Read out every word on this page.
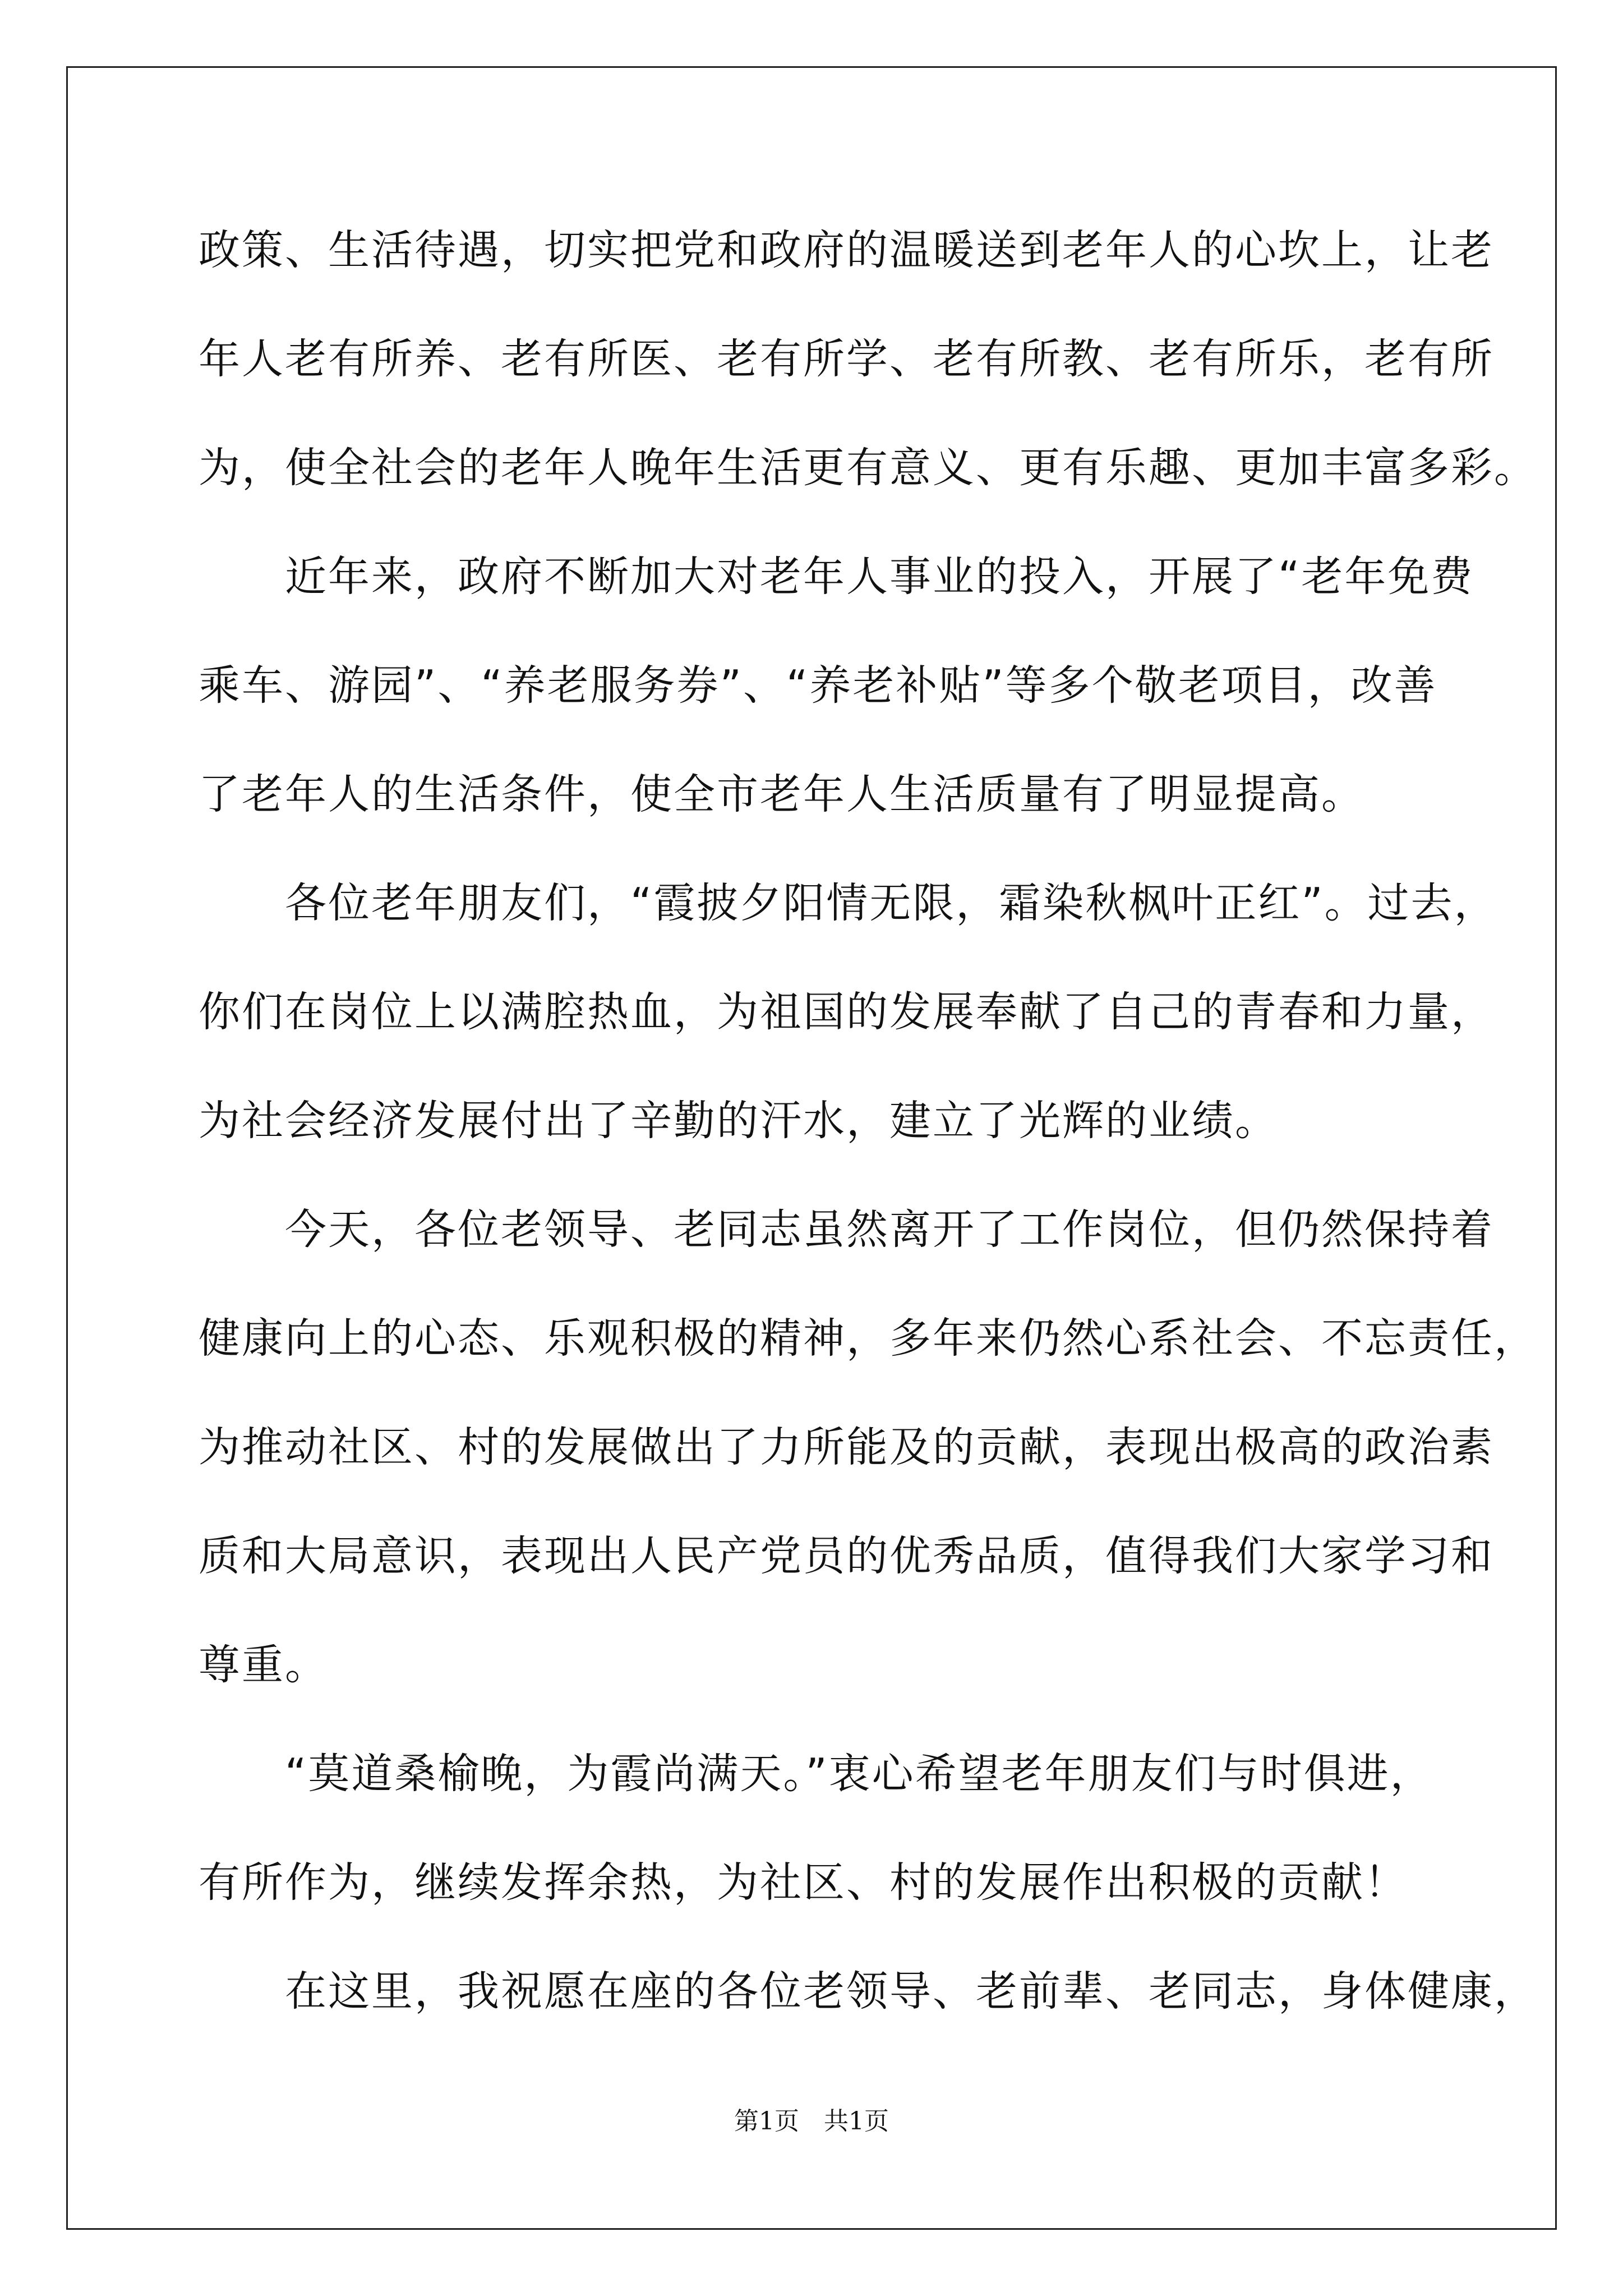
政策、生活待遇，切实把党和政府的温暖送到老年人的心坎上，让老
年人老有所养、老有所医、老有所学、老有所教、老有所乐，老有所
为，使全社会的老年人晚年生活更有意义、更有乐趣、更加丰富多彩。
　　近年来，政府不断加大对老年人事业的投入，开展了“老年免费
乘车、游园”、“养老服务券”、“养老补贴”等多个敬老项目，改善
了老年人的生活条件，使全市老年人生活质量有了明显提高。
　　各位老年朋友们，“霞披夕阳情无限，霜染秋枫叶正红”。过去，
你们在岗位上以满腔热血，为祖国的发展奉献了自己的青春和力量，
为社会经济发展付出了辛勤的汗水，建立了光辉的业绩。
　　今天，各位老领导、老同志虽然离开了工作岗位，但仍然保持着
健康向上的心态、乐观积极的精神，多年来仍然心系社会、不忘责任，
为推动社区、村的发展做出了力所能及的贡献，表现出极高的政治素
质和大局意识，表现出人民产党员的优秀品质，值得我们大家学习和
尊重。
　　“莫道桑榆晚，为霞尚满天。”衷心希望老年朋友们与时俱进，
有所作为，继续发挥余热，为社区、村的发展作出积极的贡献！
　　在这里，我祝愿在座的各位老领导、老前辈、老同志，身体健康，
第1页　共1页
